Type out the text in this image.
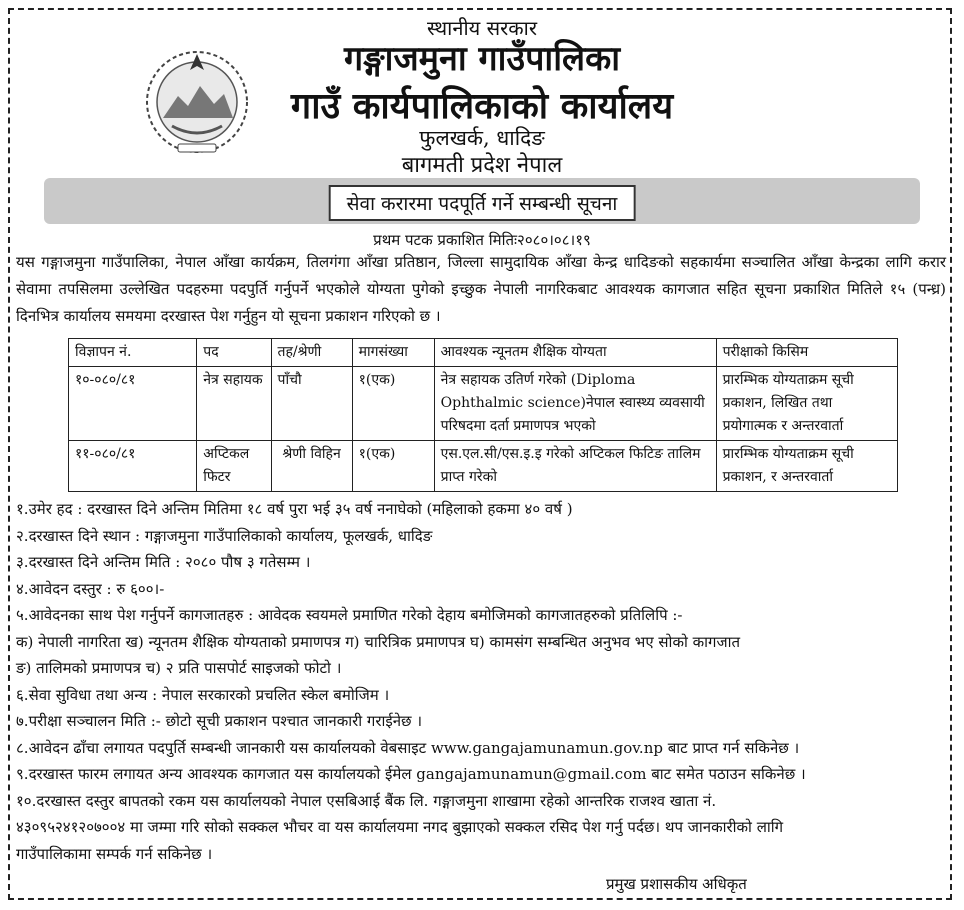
स्थानीय सरकार
गङ्गाजमुना गाउँपालिका
गाउँ कार्यपालिकाको कार्यालय
फुलखर्क, धादिङ
बागमती प्रदेश नेपाल
सेवा करारमा पदपूर्ति गर्ने सम्बन्धी सूचना
प्रथम पटक प्रकाशित मितिः२०८०।०८।१९
यस गङ्गाजमुना गाउँपालिका, नेपाल आँखा कार्यक्रम, तिलगंगा आँखा प्रतिष्ठान, जिल्ला सामुदायिक आँखा केन्द्र धादिङको सहकार्यमा सञ्चालित आँखा केन्द्रका लागि करार सेवामा तपसिलमा उल्लेखित पदहरुमा पदपुर्ति गर्नुपर्ने भएकोले योग्यता पुगेको इच्छुक नेपाली नागरिकबाट आवश्यक कागजात सहित सूचना प्रकाशित मितिले १५ (पन्ध्र) दिनभित्र कार्यालय समयमा दरखास्त पेश गर्नुहुन यो सूचना प्रकाशन गरिएको छ ।
विज्ञापन नं.	पद	तह/श्रेणी	मागसंख्या	आवश्यक न्यूनतम शैक्षिक योग्यता	परीक्षाको किसिम
१०-०८०/८१	नेत्र सहायक	पाँचौ	१(एक)	नेत्र सहायक उतिर्ण गरेको (Diploma Ophthalmic science)नेपाल स्वास्थ्य व्यवसायी परिषदमा दर्ता प्रमाणपत्र भएको	प्रारम्भिक योग्यताक्रम सूची प्रकाशन, लिखित तथा प्रयोगात्मक र अन्तरवार्ता
११-०८०/८१	अप्टिकल फिटर	श्रेणी विहिन	१(एक)	एस.एल.सी/एस.इ.इ गरेको अप्टिकल फिटिङ तालिम प्राप्त गरेको	प्रारम्भिक योग्यताक्रम सूची प्रकाशन, र अन्तरवार्ता
१.उमेर हद : दरखास्त दिने अन्तिम मितिमा १८ वर्ष पुरा भई ३५ वर्ष ननाघेको (महिलाको हकमा ४० वर्ष )
२.दरखास्त दिने स्थान : गङ्गाजमुना गाउँपालिकाको कार्यालय, फूलखर्क, धादिङ
३.दरखास्त दिने अन्तिम मिति : २०८० पौष ३ गतेसम्म ।
४.आवेदन दस्तुर : रु ६००।-
५.आवेदनका साथ पेश गर्नुपर्ने कागजातहरु : आवेदक स्वयमले प्रमाणित गरेको देहाय बमोजिमको कागजातहरुको प्रतिलिपि :-
क) नेपाली नागरिता ख) न्यूनतम शैक्षिक योग्यताको प्रमाणपत्र ग) चारित्रिक प्रमाणपत्र घ) कामसंग सम्बन्धित अनुभव भए सोको कागजात
ङ) तालिमको प्रमाणपत्र च) २ प्रति पासपोर्ट साइजको फोटो ।
६.सेवा सुविधा तथा अन्य : नेपाल सरकारको प्रचलित स्केल बमोजिम ।
७.परीक्षा सञ्चालन मिति :- छोटो सूची प्रकाशन पश्चात जानकारी गराईनेछ ।
८.आवेदन ढाँचा लगायत पदपुर्ति सम्बन्धी जानकारी यस कार्यालयको वेबसाइट www.gangajamunamun.gov.np बाट प्राप्त गर्न सकिनेछ ।
९.दरखास्त फारम लगायत अन्य आवश्यक कागजात यस कार्यालयको ईमेल gangajamunamun@gmail.com बाट समेत पठाउन सकिनेछ ।
१०.दरखास्त दस्तुर बापतको रकम यस कार्यालयको नेपाल एसबिआई बैंक लि. गङ्गाजमुना शाखामा रहेको आन्तरिक राजश्व खाता नं.
४३०९५२४१२०७००४ मा जम्मा गरि सोको सक्कल भौचर वा यस कार्यालयमा नगद बुझाएको सक्कल रसिद पेश गर्नु पर्दछ। थप जानकारीको लागि
गाउँपालिकामा सम्पर्क गर्न सकिनेछ ।
प्रमुख प्रशासकीय अधिकृत
